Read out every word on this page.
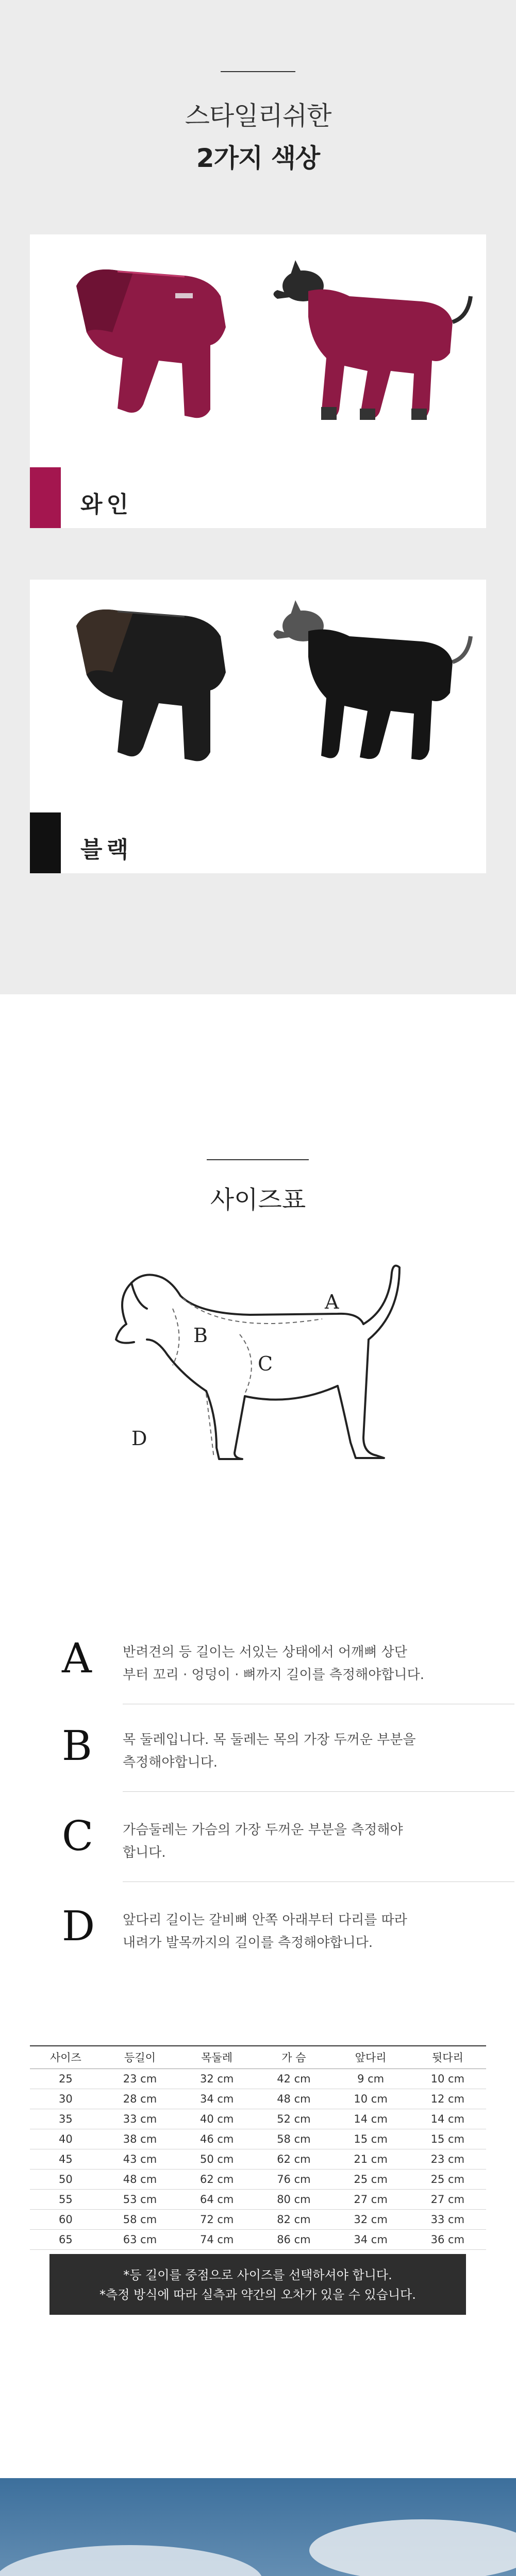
스타일리쉬한
2가지 색상
와인
블랙
사이즈표
A
B
C
D
A 반려견의 등 길이는 서있는 상태에서 어깨뼈 상단
부터 꼬리 · 엉덩이 · 뼈까지 길이를 측정해야합니다.
B 목 둘레입니다. 목 둘레는 목의 가장 두꺼운 부분을
측정해야합니다.
C 가슴둘레는 가슴의 가장 두꺼운 부분을 측정해야
합니다.
D 앞다리 길이는 갈비뼈 안쪽 아래부터 다리를 따라
내려가 발목까지의 길이를 측정해야합니다.
사이즈	등길이	목둘레	가 슴	앞다리	뒷다리
25	23 cm	32 cm	42 cm	9 cm	10 cm
30	28 cm	34 cm	48 cm	10 cm	12 cm
35	33 cm	40 cm	52 cm	14 cm	14 cm
40	38 cm	46 cm	58 cm	15 cm	15 cm
45	43 cm	50 cm	62 cm	21 cm	23 cm
50	48 cm	62 cm	76 cm	25 cm	25 cm
55	53 cm	64 cm	80 cm	27 cm	27 cm
60	58 cm	72 cm	82 cm	32 cm	33 cm
65	63 cm	74 cm	86 cm	34 cm	36 cm
*등 길이를 중점으로 사이즈를 선택하셔야 합니다.
*측정 방식에 따라 실측과 약간의 오차가 있을 수 있습니다.
